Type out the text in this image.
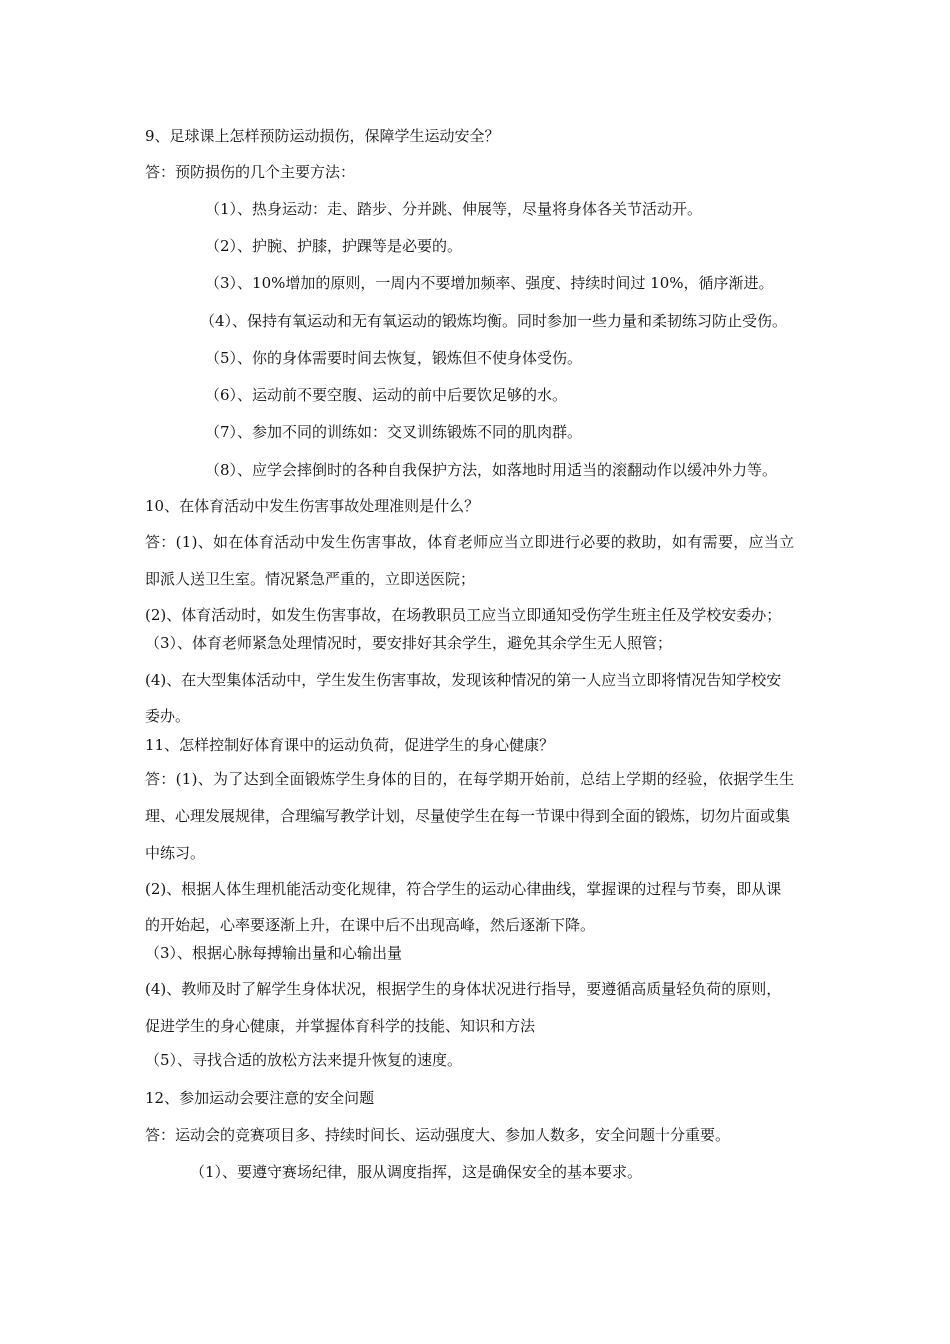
9、足球课上怎样预防运动损伤，保障学生运动安全？
答：预防损伤的几个主要方法：
（1）、热身运动：走、踏步、分并跳、伸展等，尽量将身体各关节活动开。
（2）、护腕、护膝，护踝等是必要的。
（3）、10%增加的原则，一周内不要增加频率、强度、持续时间过 10%，循序渐进。
（4）、保持有氧运动和无有氧运动的锻炼均衡。同时参加一些力量和柔韧练习防止受伤。
（5）、你的身体需要时间去恢复，锻炼但不使身体受伤。
（6）、运动前不要空腹、运动的前中后要饮足够的水。
（7）、参加不同的训练如：交叉训练锻炼不同的肌肉群。
（8）、应学会摔倒时的各种自我保护方法，如落地时用适当的滚翻动作以缓冲外力等。
10、在体育活动中发生伤害事故处理准则是什么？
答：(1)、如在体育活动中发生伤害事故，体育老师应当立即进行必要的救助，如有需要，应当立
即派人送卫生室。情况紧急严重的，立即送医院；
(2)、体育活动时，如发生伤害事故，在场教职员工应当立即通知受伤学生班主任及学校安委办；
（3）、体育老师紧急处理情况时，要安排好其余学生，避免其余学生无人照管；
(4)、在大型集体活动中，学生发生伤害事故，发现该种情况的第一人应当立即将情况告知学校安
委办。
11、怎样控制好体育课中的运动负荷，促进学生的身心健康？
答：(1)、为了达到全面锻炼学生身体的目的，在每学期开始前，总结上学期的经验，依据学生生
理、心理发展规律，合理编写教学计划，尽量使学生在每一节课中得到全面的锻炼，切勿片面或集
中练习。
(2)、根据人体生理机能活动变化规律，符合学生的运动心律曲线，掌握课的过程与节奏，即从课
的开始起，心率要逐渐上升，在课中后不出现高峰，然后逐渐下降。
（3）、根据心脉每搏输出量和心输出量
(4)、教师及时了解学生身体状况，根据学生的身体状况进行指导，要遵循高质量轻负荷的原则，
促进学生的身心健康，并掌握体育科学的技能、知识和方法
（5）、寻找合适的放松方法来提升恢复的速度。
12、参加运动会要注意的安全问题
答：运动会的竞赛项目多、持续时间长、运动强度大、参加人数多，安全问题十分重要。
（1）、要遵守赛场纪律，服从调度指挥，这是确保安全的基本要求。
